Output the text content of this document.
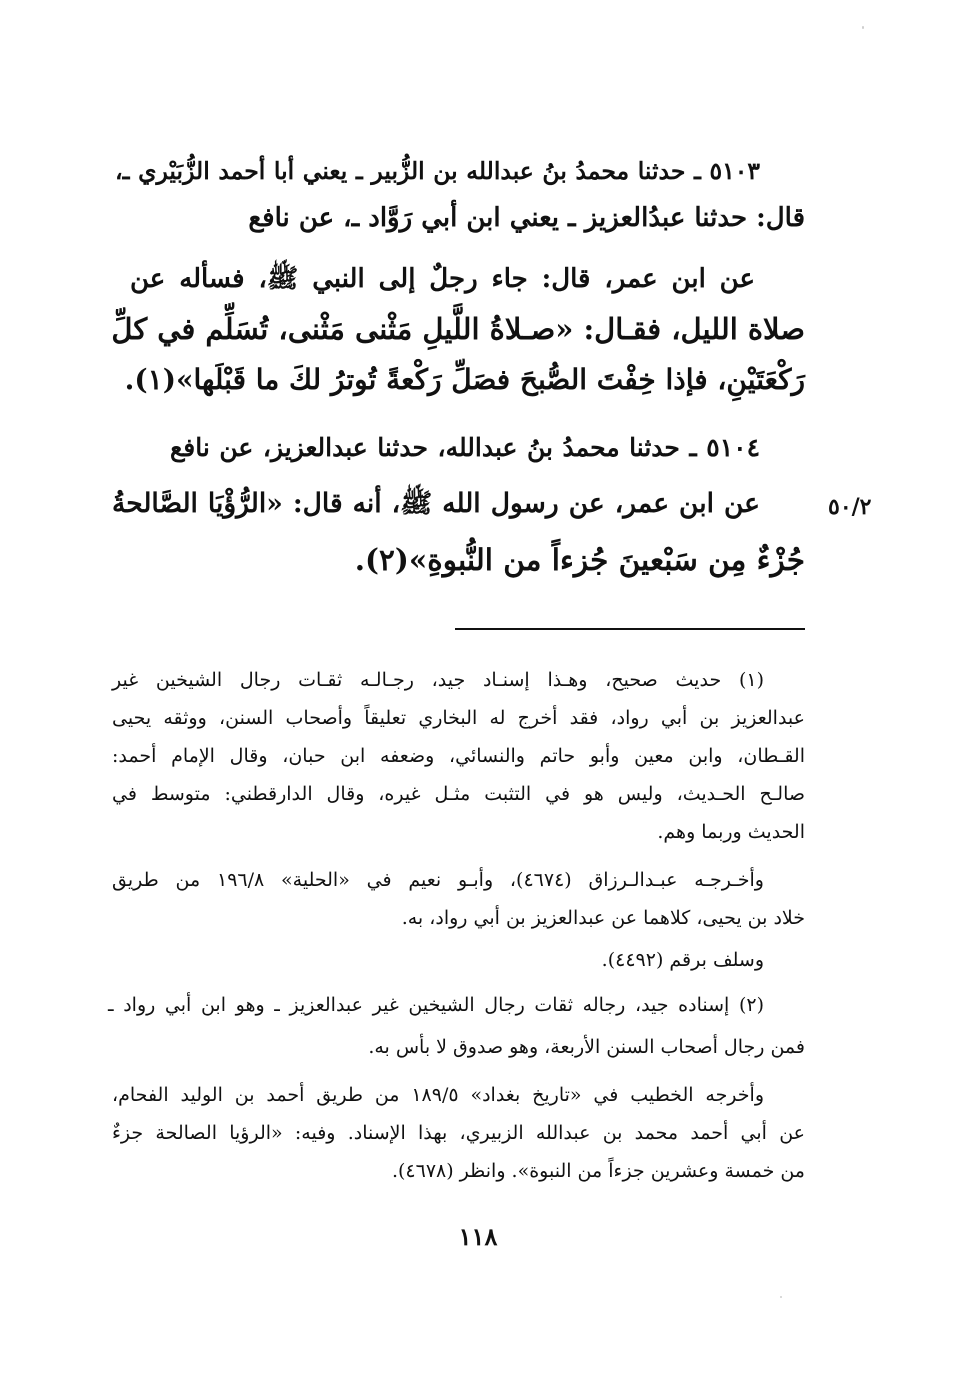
٥١٠٣ ـ حدثنا محمدُ بنُ عبدالله بن الزُّبير ـ يعني أبا أحمد الزُّبَيْري ـ،
قال: حدثنا عبدُالعزيز ـ يعني ابن أبي رَوَّاد ـ، عن نافع
عن ابن عمر، قال: جاء رجلٌ إلى النبي ﷺ، فسأله عن
صلاة الليل، فقـال: «صـلاةُ اللَّيلِ مَثْنى مَثْنى، تُسَلِّم في كلِّ
رَكْعَتَيْنِ، فإذا خِفْتَ الصُّبحَ فصَلِّ رَكْعةً تُوترُ لكَ ما قَبْلَها»(١).
٥١٠٤ ـ حدثنا محمدُ بنُ عبدالله، حدثنا عبدالعزيز، عن نافع
٥٠/٢
عن ابن عمر، عن رسول الله ﷺ، أنه قال: «الرُّؤْيَا الصَّالحةُ
جُزْءٌ مِن سَبْعينَ جُزءاً من النُّبوةِ»(٢).
(١) حديث صحيح، وهـذا إسنـاد جيد، رجـالـه ثقـات رجال الشيخين غير
عبدالعزيز بن أبي رواد، فقد أخرج له البخاري تعليقاً وأصحاب السنن، ووثقه يحيى
القـطان، وابن معين وأبو حاتم والنسائي، وضعفه ابن حبان، وقال الإمام أحمد:
صالـح الحـديث، وليس هو في التثبت مثـل غيره، وقال الدارقطني: متوسط في
الحديث وربما وهم.
وأخـرجـه عبـدالـرزاق (٤٦٧٤)، وأبـو نعيم في «الحلية» ١٩٦/٨ من طريق
خلاد بن يحيى، كلاهما عن عبدالعزيز بن أبي رواد، به.
وسلف برقم (٤٤٩٢).
(٢) إسناده جيد، رجاله ثقات رجال الشيخين غير عبدالعزيز ـ وهو ابن أبي رواد ـ
فمن رجال أصحاب السنن الأربعة، وهو صدوق لا بأس به.
وأخرجه الخطيب في «تاريخ بغداد» ١٨٩/٥ من طريق أحمد بن الوليد الفحام،
عن أبي أحمد محمد بن عبدالله الزبيري، بهذا الإسناد. وفيه: «الرؤيا الصالحة جزءٌ
من خمسة وعشرين جزءاً من النبوة». وانظر (٤٦٧٨).
١١٨
